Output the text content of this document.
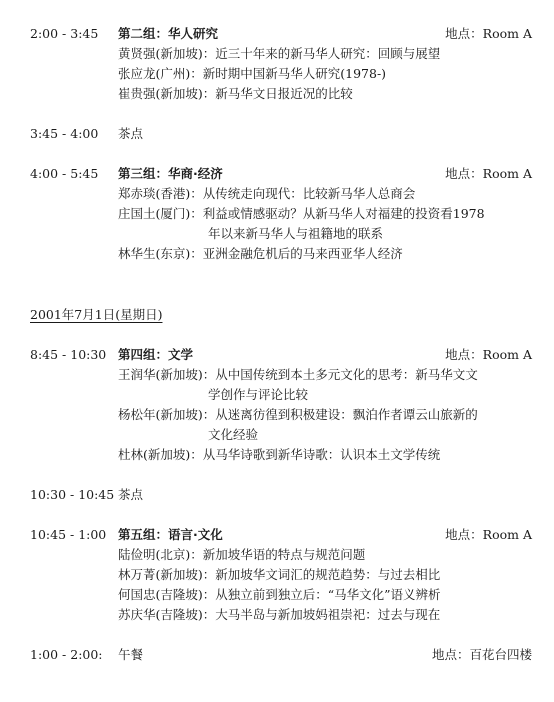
2:00 - 3:45 第二组：华人研究	地点：Room A
黄贤强(新加坡)：近三十年来的新马华人研究：回顾与展望
张应龙(广州)：新时期中国新马华人研究(1978-)
崔贵强(新加坡)：新马华文日报近况的比较
3:45 - 4:00 茶点
4:00 - 5:45 第三组：华商·经济	地点：Room A
郑赤琰(香港)：从传统走向现代：比较新马华人总商会
庄国土(厦门)：利益或情感驱动？从新马华人对福建的投资看1978
年以来新马华人与祖籍地的联系
林华生(东京)：亚洲金融危机后的马来西亚华人经济
2001年7月1日(星期日)
8:45 - 10:30 第四组：文学	地点：Room A
王润华(新加坡)：从中国传统到本土多元文化的思考：新马华文文
学创作与评论比较
杨松年(新加坡)：从迷离彷徨到积极建设：飘泊作者谭云山旅新的
文化经验
杜林(新加坡)：从马华诗歌到新华诗歌：认识本土文学传统
10:30 - 10:45 茶点
10:45 - 1:00 第五组：语言·文化	地点：Room A
陆俭明(北京)：新加坡华语的特点与规范问题
林万菁(新加坡)：新加坡华文词汇的规范趋势：与过去相比
何国忠(吉隆坡)：从独立前到独立后：“马华文化”语义辨析
苏庆华(吉隆坡)：大马半岛与新加坡妈祖崇祀：过去与现在
1:00 - 2:00: 午餐	地点：百花台四楼
